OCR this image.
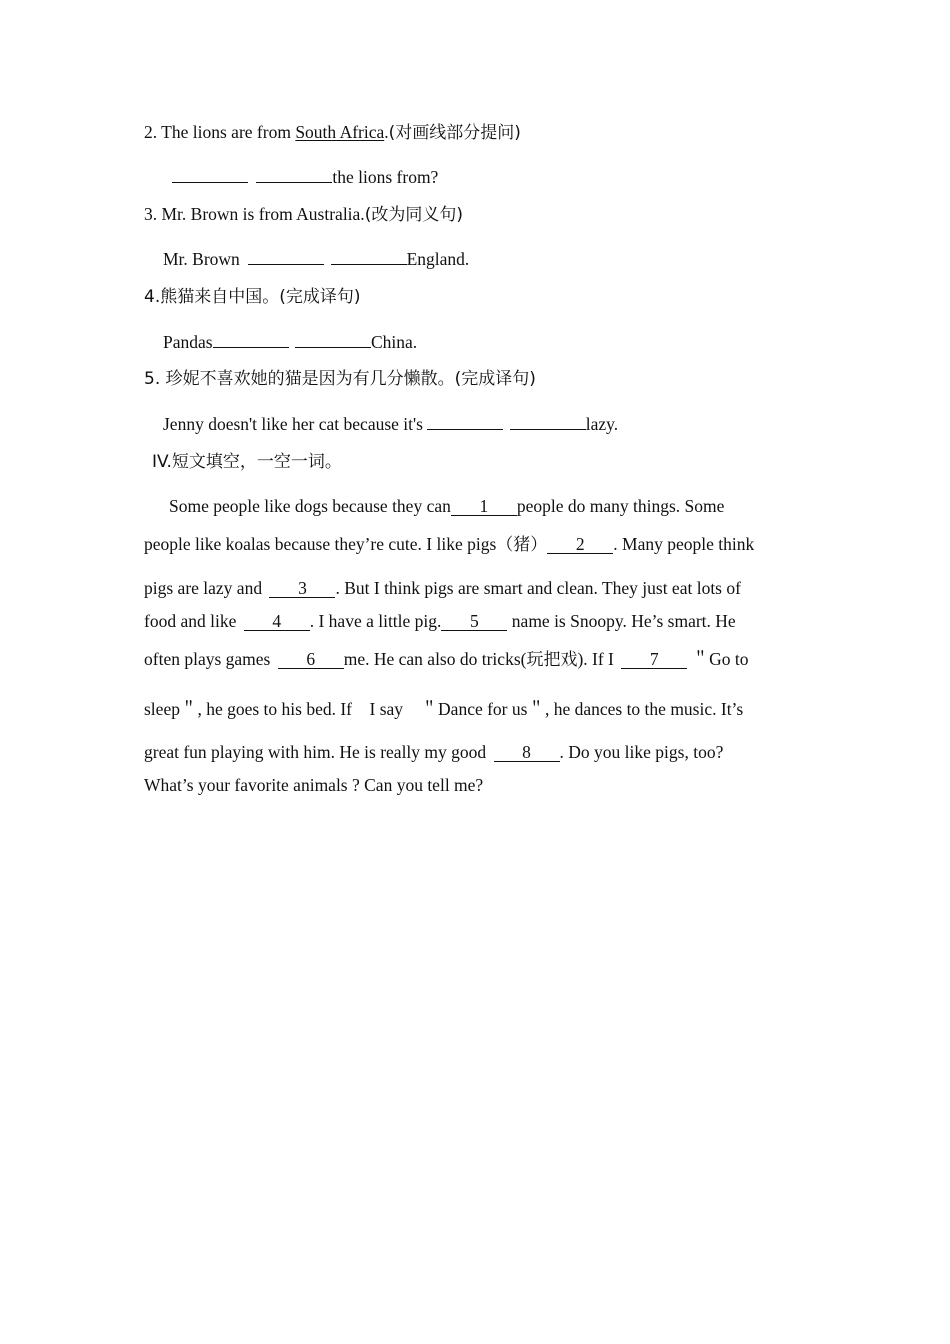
2. The lions are from South Africa.(对画线部分提问)
the lions from?
3. Mr. Brown is from Australia.(改为同义句)
Mr. Brown	England.
4.熊猫来自中国。(完成译句)
Pandas	China.
5. 珍妮不喜欢她的猫是因为有几分懒散。(完成译句)
Jenny doesn't like her cat because it's	lazy.
IV.短文填空，一空一词。
Some people like dogs because they can 1 people do many things. Some
people like koalas because they’re cute. I like pigs（猪） 2 . Many people think
pigs are lazy and 3 . But I think pigs are smart and clean. They just eat lots of
food and like 4 . I have a little pig. 5 name is Snoopy. He’s smart. He
often plays games 6 me. He can also do tricks(玩把戏). If I 7 ＂Go to
sleep＂, he goes to his bed. If　I say　＂Dance for us＂, he dances to the music. It’s
great fun playing with him. He is really my good 8 . Do you like pigs, too?
What’s your favorite animals ? Can you tell me?
